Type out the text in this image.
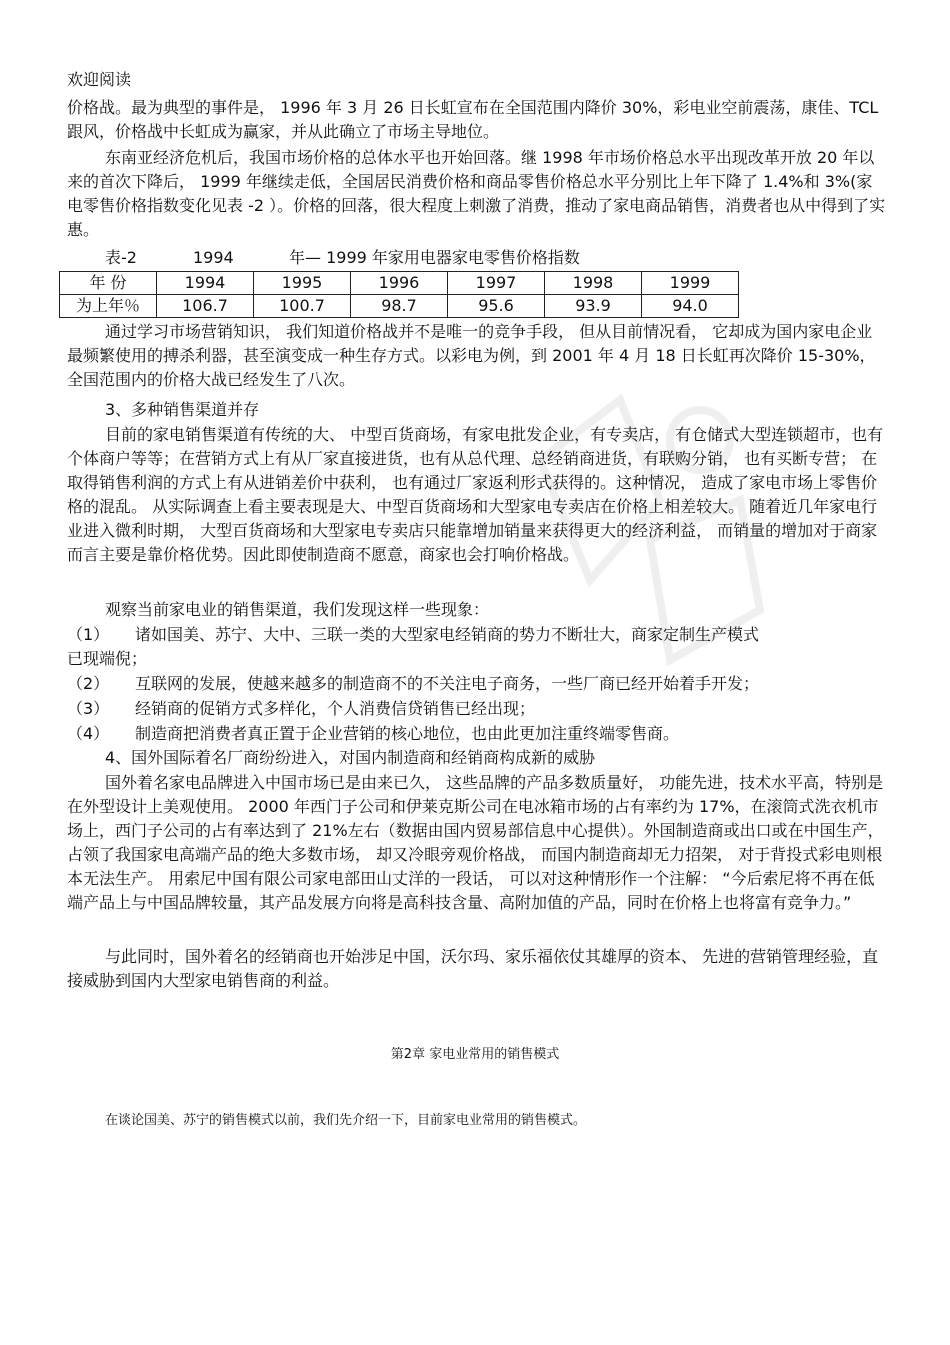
欢迎阅读

价格战。最为典型的事件是， 1996 年 3 月 26 日长虹宣布在全国范围内降价 30%，彩电业空前震荡，康佳、TCL跟风，价格战中长虹成为赢家，并从此确立了市场主导地位。

东南亚经济危机后，我国市场价格的总体水平也开始回落。继 1998 年市场价格总水平出现改革开放 20 年以来的首次下降后， 1999 年继续走低，全国居民消费价格和商品零售价格总水平分别比上年下降了 1.4%和 3%(家电零售价格指数变化见表 -2 ）。价格的回落，很大程度上刺激了消费，推动了家电商品销售，消费者也从中得到了实惠。

表-2	1994	年— 1999 年家用电器家电零售价格指数
年 份	1994	1995	1996	1997	1998	1999
为上年％	106.7	100.7	98.7	95.6	93.9	94.0

通过学习市场营销知识， 我们知道价格战并不是唯一的竞争手段， 但从目前情况看， 它却成为国内家电企业最频繁使用的搏杀利器，甚至演变成一种生存方式。以彩电为例，到 2001 年 4 月 18 日长虹再次降价 15-30%，全国范围内的价格大战已经发生了八次。

3、多种销售渠道并存

目前的家电销售渠道有传统的大、 中型百货商场，有家电批发企业，有专卖店， 有仓储式大型连锁超市，也有个体商户等等；在营销方式上有从厂家直接进货，也有从总代理、总经销商进货，有联购分销， 也有买断专营； 在取得销售利润的方式上有从进销差价中获利， 也有通过厂家返利形式获得的。这种情况， 造成了家电市场上零售价格的混乱。 从实际调查上看主要表现是大、中型百货商场和大型家电专卖店在价格上相差较大。 随着近几年家电行业进入微利时期， 大型百货商场和大型家电专卖店只能靠增加销量来获得更大的经济利益， 而销量的增加对于商家而言主要是靠价格优势。因此即使制造商不愿意，商家也会打响价格战。

观察当前家电业的销售渠道，我们发现这样一些现象：

（1） 诸如国美、苏宁、大中、三联一类的大型家电经销商的势力不断壮大，商家定制生产模式
已现端倪；
（2） 互联网的发展，使越来越多的制造商不的不关注电子商务，一些厂商已经开始着手开发；
（3） 经销商的促销方式多样化，个人消费信贷销售已经出现；
（4） 制造商把消费者真正置于企业营销的核心地位，也由此更加注重终端零售商。

4、国外国际着名厂商纷纷进入，对国内制造商和经销商构成新的威胁

国外着名家电品牌进入中国市场已是由来已久， 这些品牌的产品多数质量好， 功能先进，技术水平高，特别是在外型设计上美观使用。 2000 年西门子公司和伊莱克斯公司在电冰箱市场的占有率约为 17%，在滚筒式洗衣机市场上，西门子公司的占有率达到了 21%左右（数据由国内贸易部信息中心提供）。外国制造商或出口或在中国生产， 占领了我国家电高端产品的绝大多数市场， 却又冷眼旁观价格战， 而国内制造商却无力招架， 对于背投式彩电则根本无法生产。 用索尼中国有限公司家电部田山丈洋的一段话， 可以对这种情形作一个注解： “今后索尼将不再在低端产品上与中国品牌较量，其产品发展方向将是高科技含量、高附加值的产品，同时在价格上也将富有竞争力。”

与此同时，国外着名的经销商也开始涉足中国，沃尔玛、家乐福依仗其雄厚的资本、 先进的营销管理经验，直接威胁到国内大型家电销售商的利益。

第2章 家电业常用的销售模式
在谈论国美、苏宁的销售模式以前，我们先介绍一下，目前家电业常用的销售模式。
